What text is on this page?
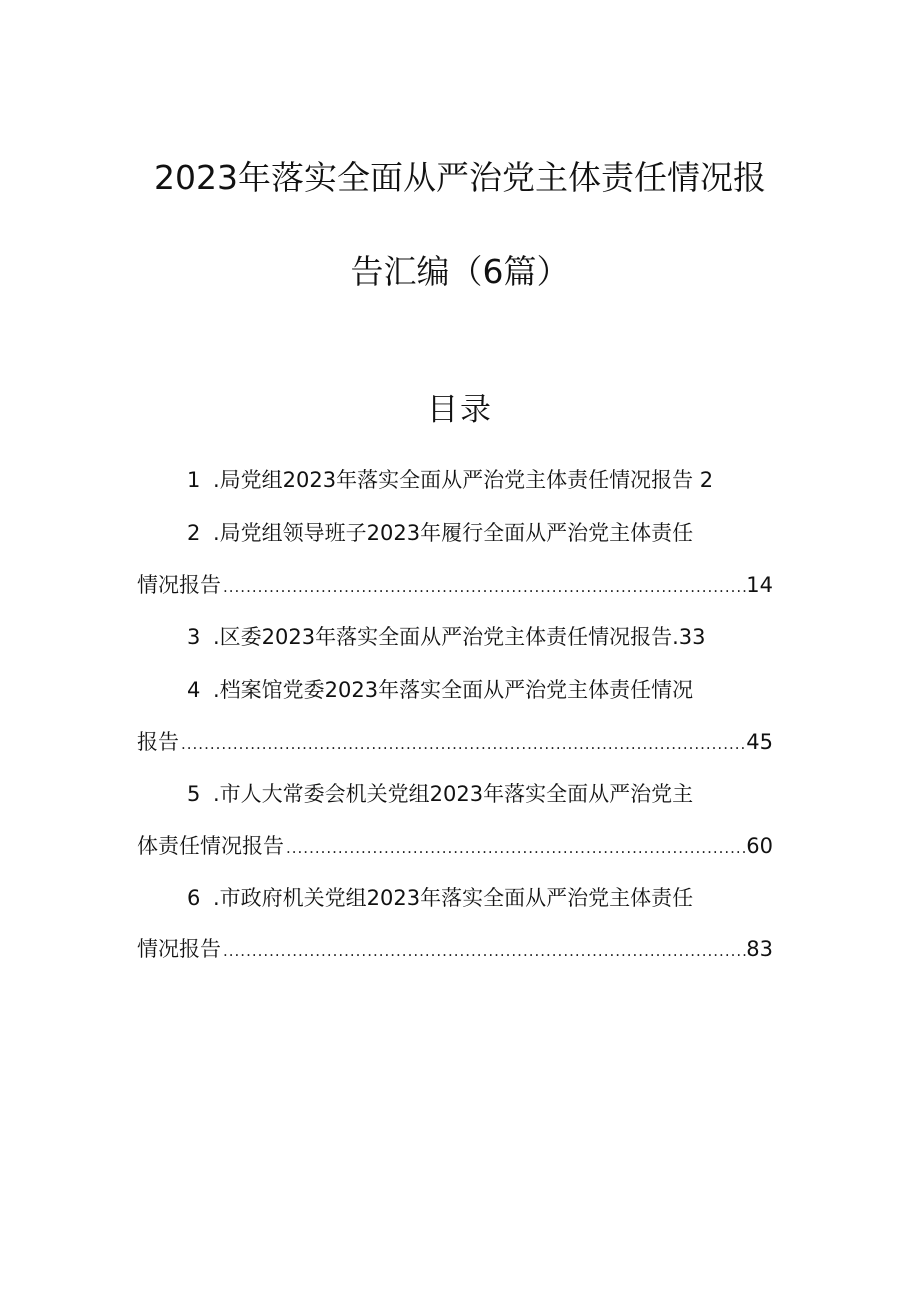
2023年落实全面从严治党主体责任情况报
告汇编（6篇）
目录
1 .局党组2023年落实全面从严治党主体责任情况报告 2
2 .局党组领导班子2023年履行全面从严治党主体责任
情况报告 .....	14
3 .区委2023年落实全面从严治党主体责任情况报告.33
4 .档案馆党委2023年落实全面从严治党主体责任情况
报告 .....	45
5 .市人大常委会机关党组2023年落实全面从严治党主
体责任情况报告 .....	60
6 .市政府机关党组2023年落实全面从严治党主体责任
情况报告 .....	83
